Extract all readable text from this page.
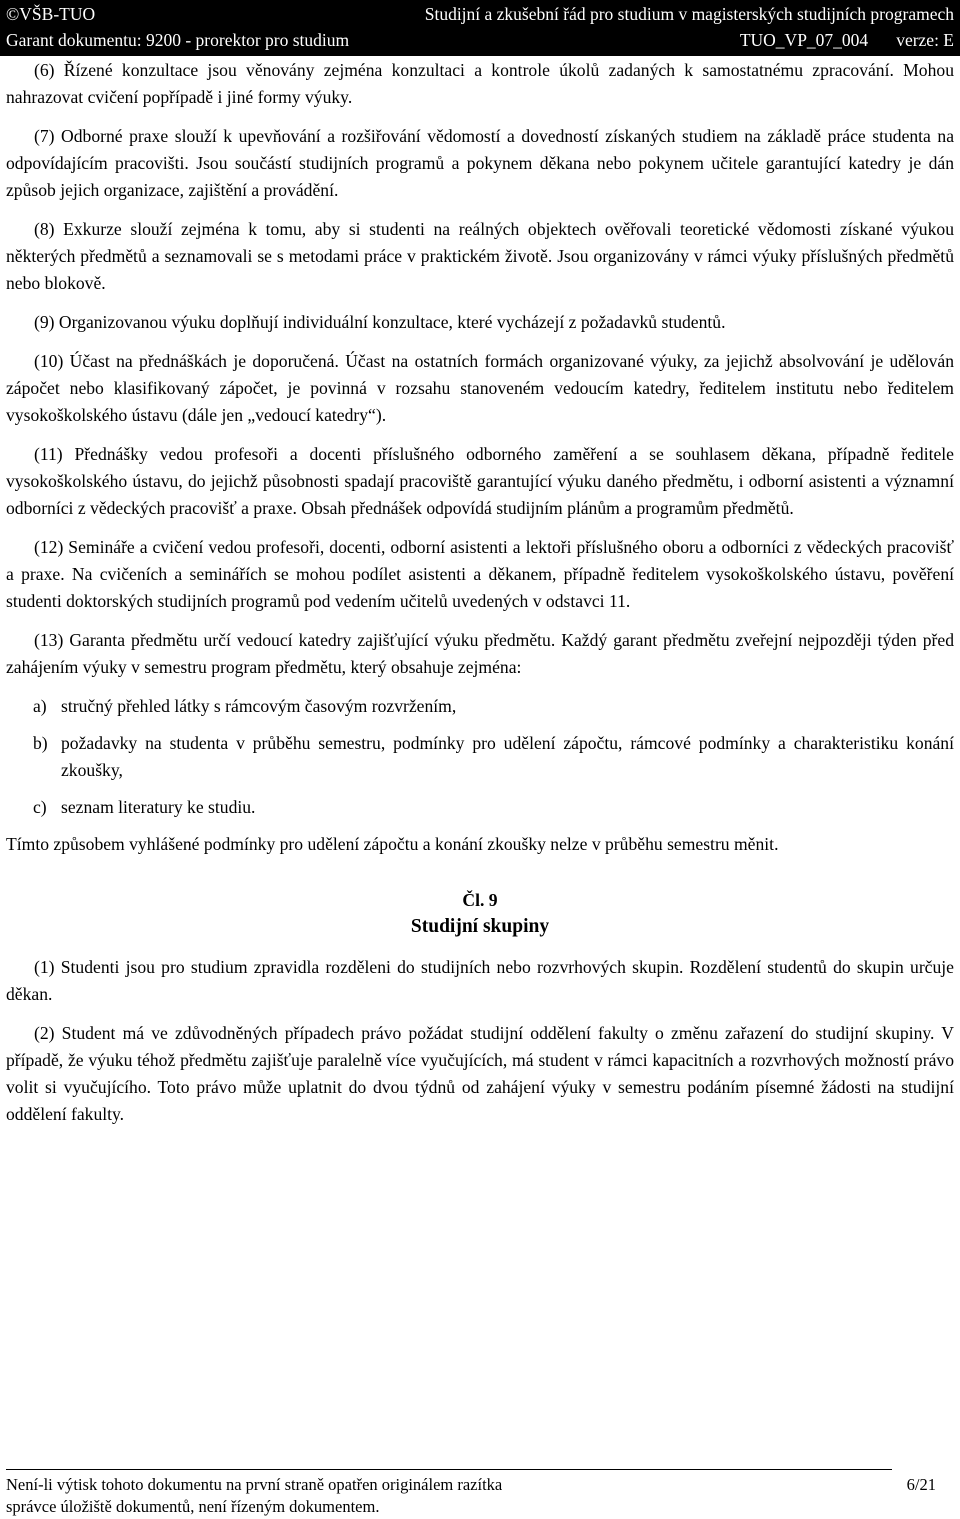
©VŠB-TUO	Studijní a zkušební řád pro studium v magisterských studijních programech
Garant dokumentu: 9200 - prorektor pro studium	TUO_VP_07_004 verze: E

(6) Řízené konzultace jsou věnovány zejména konzultaci a kontrole úkolů zadaných k samostatnému zpracování. Mohou nahrazovat cvičení popřípadě i jiné formy výuky.

(7) Odborné praxe slouží k upevňování a rozšiřování vědomostí a dovedností získaných studiem na základě práce studenta na odpovídajícím pracovišti. Jsou součástí studijních programů a pokynem děkana nebo pokynem učitele garantující katedry je dán způsob jejich organizace, zajištění a provádění.

(8) Exkurze slouží zejména k tomu, aby si studenti na reálných objektech ověřovali teoretické vědomosti získané výukou některých předmětů a seznamovali se s metodami práce v praktickém životě. Jsou organizovány v rámci výuky příslušných předmětů nebo blokově.

(9) Organizovanou výuku doplňují individuální konzultace, které vycházejí z požadavků studentů.

(10) Účast na přednáškách je doporučená. Účast na ostatních formách organizované výuky, za jejichž absolvování je udělován zápočet nebo klasifikovaný zápočet, je povinná v rozsahu stanoveném vedoucím katedry, ředitelem institutu nebo ředitelem vysokoškolského ústavu (dále jen „vedoucí katedry“).

(11) Přednášky vedou profesoři a docenti příslušného odborného zaměření a se souhlasem děkana, případně ředitele vysokoškolského ústavu, do jejichž působnosti spadají pracoviště garantující výuku daného předmětu, i odborní asistenti a významní odborníci z vědeckých pracovišť a praxe. Obsah přednášek odpovídá studijním plánům a programům předmětů.

(12) Semináře a cvičení vedou profesoři, docenti, odborní asistenti a lektoři příslušného oboru a odborníci z vědeckých pracovišť a praxe. Na cvičeních a seminářích se mohou podílet asistenti a děkanem, případně ředitelem vysokoškolského ústavu, pověření studenti doktorských studijních programů pod vedením učitelů uvedených v odstavci 11.

(13) Garanta předmětu určí vedoucí katedry zajišťující výuku předmětu. Každý garant předmětu zveřejní nejpozději týden před zahájením výuky v semestru program předmětu, který obsahuje zejména:

a) stručný přehled látky s rámcovým časovým rozvržením,
b) požadavky na studenta v průběhu semestru, podmínky pro udělení zápočtu, rámcové podmínky a charakteristiku konání zkoušky,
c) seznam literatury ke studiu.

Tímto způsobem vyhlášené podmínky pro udělení zápočtu a konání zkoušky nelze v průběhu semestru měnit.

Čl. 9
Studijní skupiny

(1) Studenti jsou pro studium zpravidla rozděleni do studijních nebo rozvrhových skupin. Rozdělení studentů do skupin určuje děkan.

(2) Student má ve zdůvodněných případech právo požádat studijní oddělení fakulty o změnu zařazení do studijní skupiny. V případě, že výuku téhož předmětu zajišťuje paralelně více vyučujících, má student v rámci kapacitních a rozvrhových možností právo volit si vyučujícího. Toto právo může uplatnit do dvou týdnů od zahájení výuky v semestru podáním písemné žádosti na studijní oddělení fakulty.

Není-li výtisk tohoto dokumentu na první straně opatřen originálem razítka
správce úložiště dokumentů, není řízeným dokumentem.
6/21
